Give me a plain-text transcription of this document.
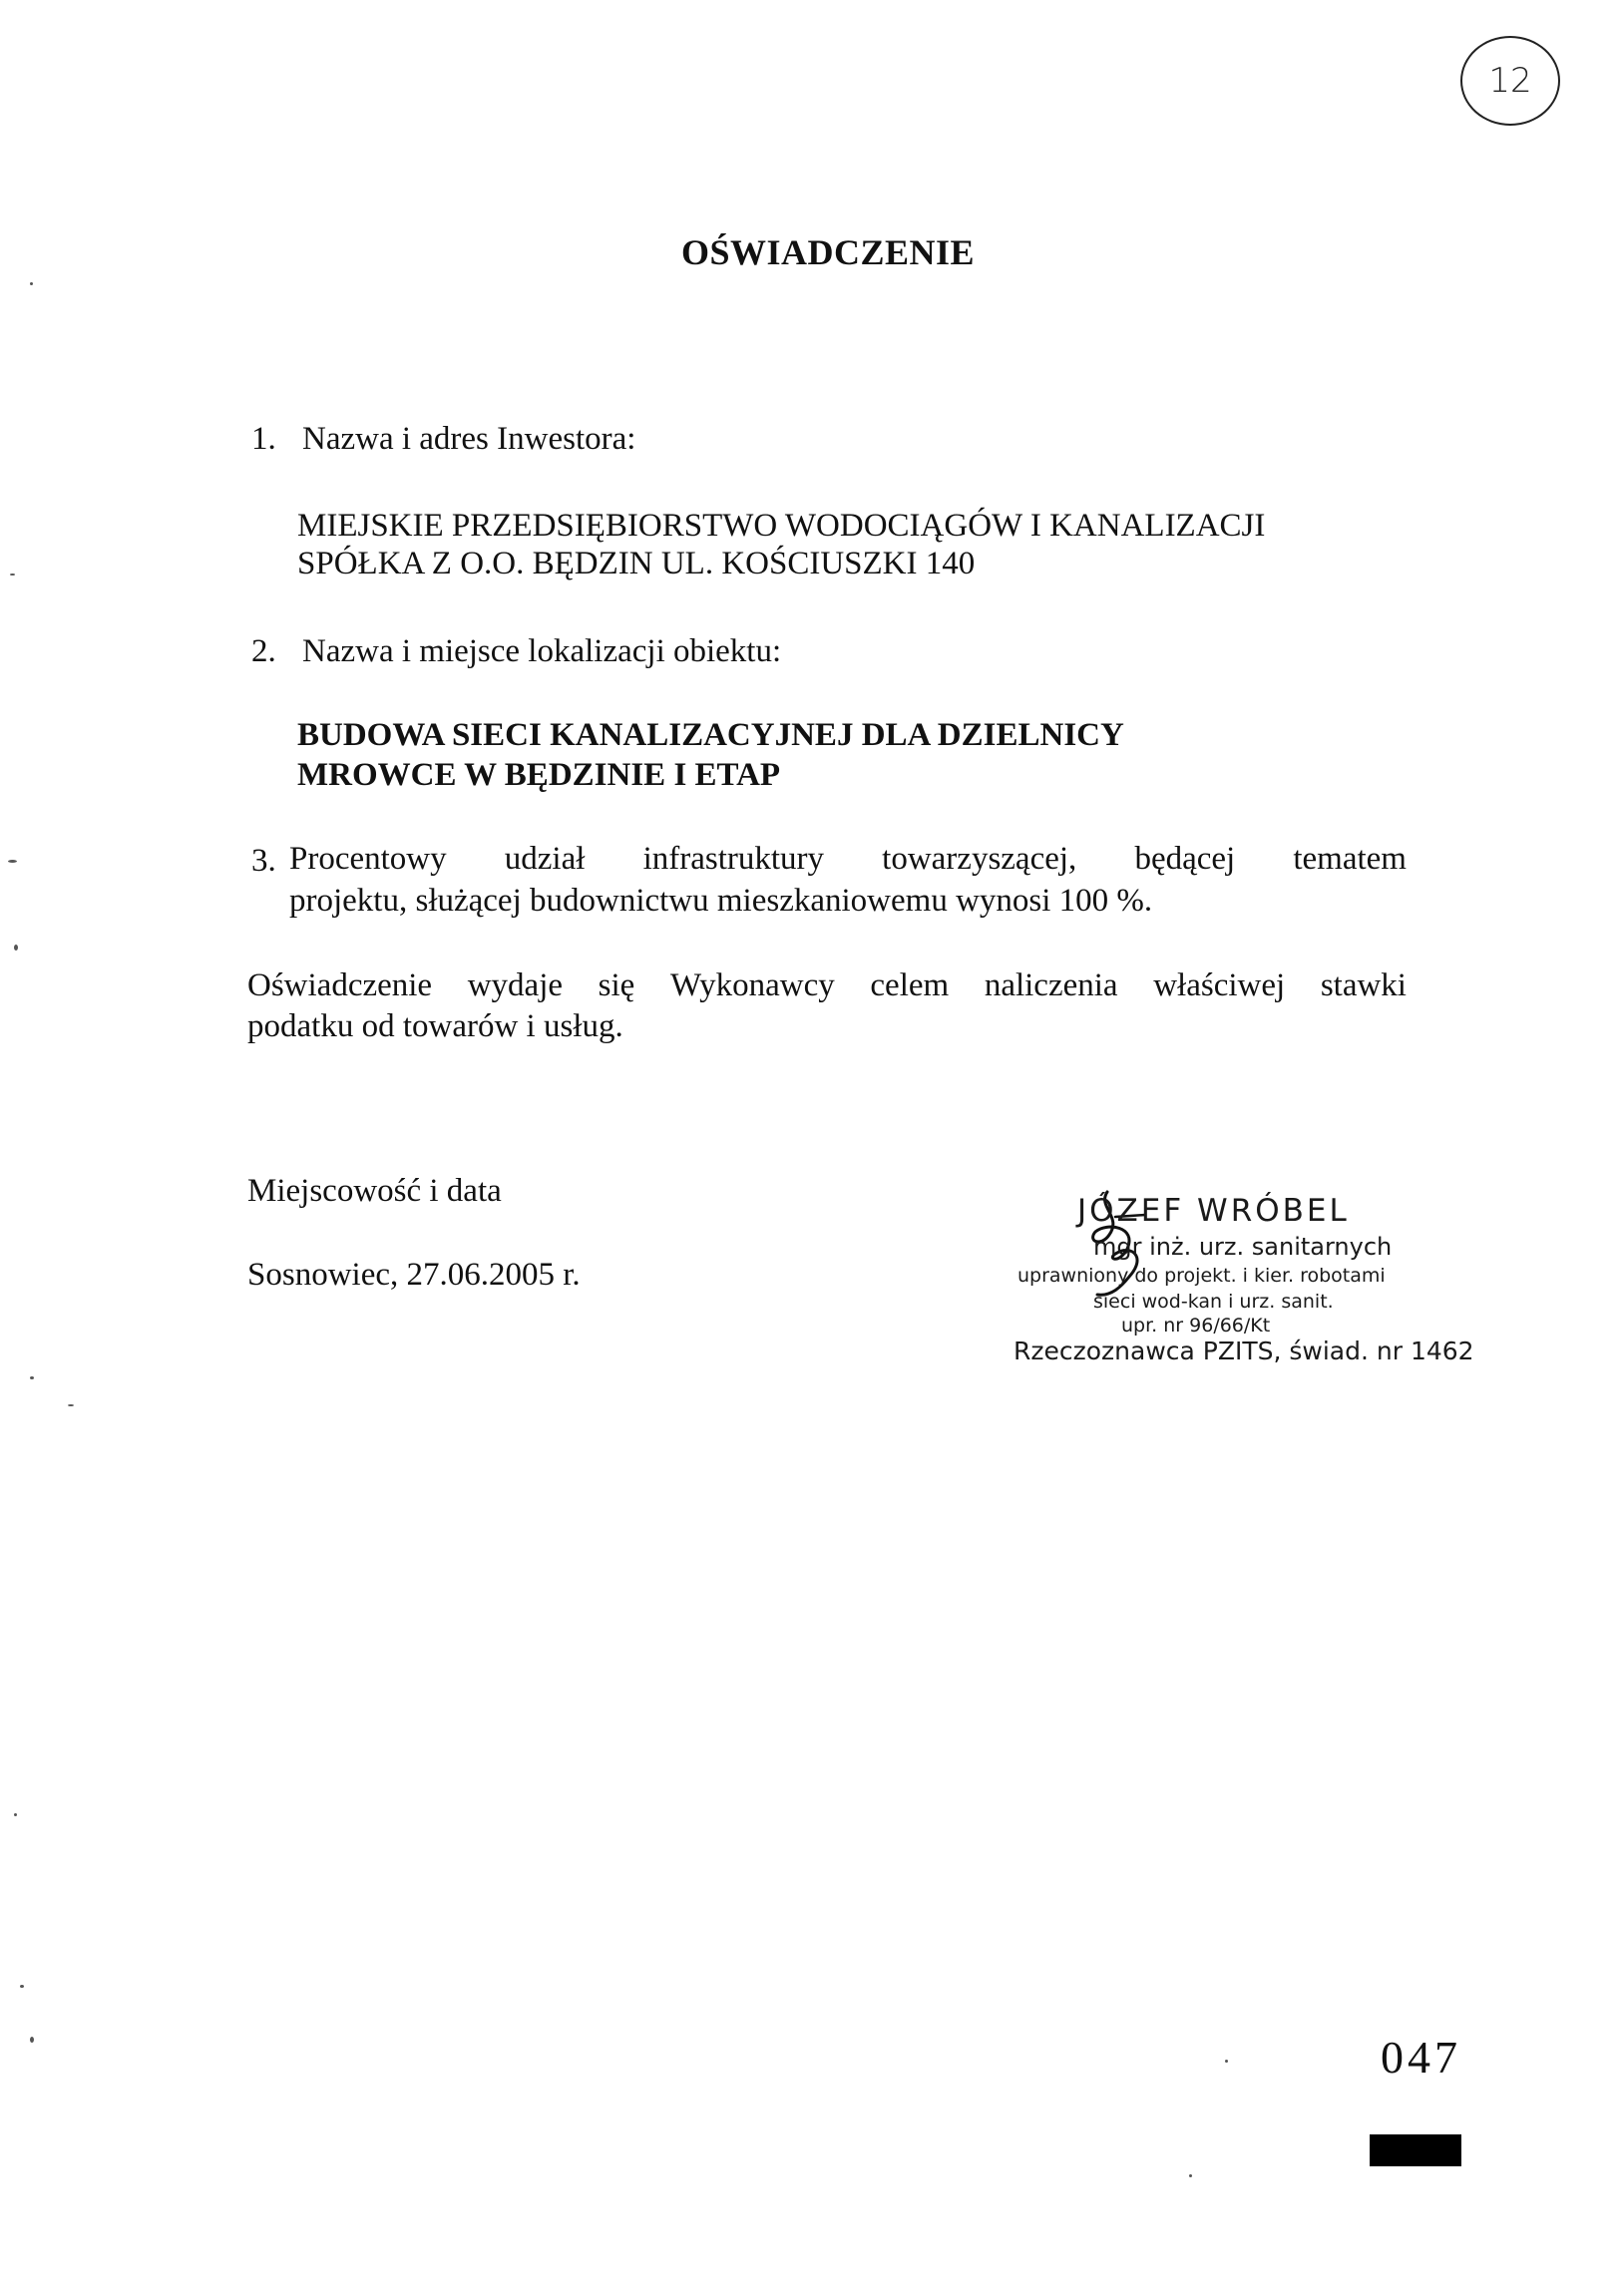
12
OŚWIADCZENIE
1. Nazwa i adres Inwestora:
MIEJSKIE PRZEDSIĘBIORSTWO WODOCIĄGÓW I KANALIZACJI
SPÓŁKA Z O.O. BĘDZIN UL. KOŚCIUSZKI 140
2. Nazwa i miejsce lokalizacji obiektu:
BUDOWA SIECI KANALIZACYJNEJ DLA DZIELNICY
MROWCE W BĘDZINIE I ETAP
3. Procentowy udział infrastruktury towarzyszącej, będącej tematem
projektu, służącej budownictwu mieszkaniowemu wynosi 100 %.
Oświadczenie wydaje się Wykonawcy celem naliczenia właściwej stawki
podatku od towarów i usług.
Miejscowość i data
Sosnowiec, 27.06.2005 r.
JÓZEF WRÓBEL
mgr inż. urz. sanitarnych
uprawniony do projekt. i kier. robotami
sieci wod-kan i urz. sanit.
upr. nr 96/66/Kt
Rzeczoznawca PZITS, świad. nr 1462
047
